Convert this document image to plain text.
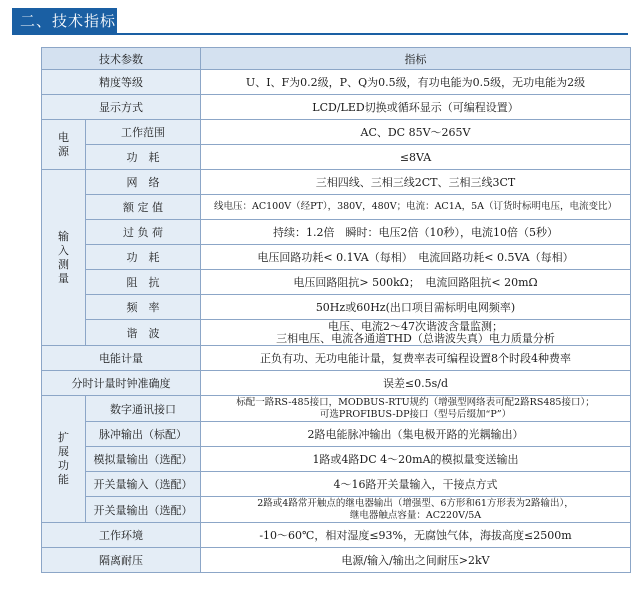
二、技术指标
技术参数		指标
精度等级		U、I、F为0.2级，P、Q为0.5级，有功电能为0.5级，无功电能为2级
显示方式		LCD/LED切换或循环显示（可编程设置）
电源	工作范围	AC、DC 85V～265V
	功　耗	≤8VA
输入测量	网　络	三相四线、三相三线2CT、三相三线3CT
	额 定 值	线电压：AC100V（经PT），380V，480V；电流：AC1A，5A（订货时标明电压，电流变比）
	过 负 荷	持续：1.2倍　瞬时：电压2倍（10秒），电流10倍（5秒）
	功　耗	电压回路功耗< 0.1VA（每相）　电流回路功耗< 0.5VA（每相）
	阻　抗	电压回路阻抗> 500kΩ；　电流回路阻抗< 20mΩ
	频　率	50Hz或60Hz(出口项目需标明电网频率)
	谐　波	电压、电流2～47次谐波含量监测；
三相电压、电流各通道THD（总谐波失真）电力质量分析

电能计量		正负有功、无功电能计量，复费率表可编程设置8个时段4种费率
分时计量时钟准确度		误差≤0.5s/d
扩展功能	数字通讯接口	标配一路RS-485接口，MODBUS-RTU规约（增强型网络表可配2路RS485接口）；
可选PROFIBUS-DP接口（型号后缀加“P”）

	脉冲输出（标配）	2路电能脉冲输出（集电极开路的光耦输出）
	模拟量输出（选配）	1路或4路DC 4～20mA的模拟量变送输出
	开关量输入（选配）	4～16路开关量输入，干接点方式
	开关量输出（选配）	2路或4路常开触点的继电器输出（增强型、6方形和61方形表为2路输出），
继电器触点容量：AC220V/5A

工作环境		-10～60℃，相对湿度≤93%，无腐蚀气体，海拔高度≤2500m
隔离耐压		电源/输入/输出之间耐压>2kV
